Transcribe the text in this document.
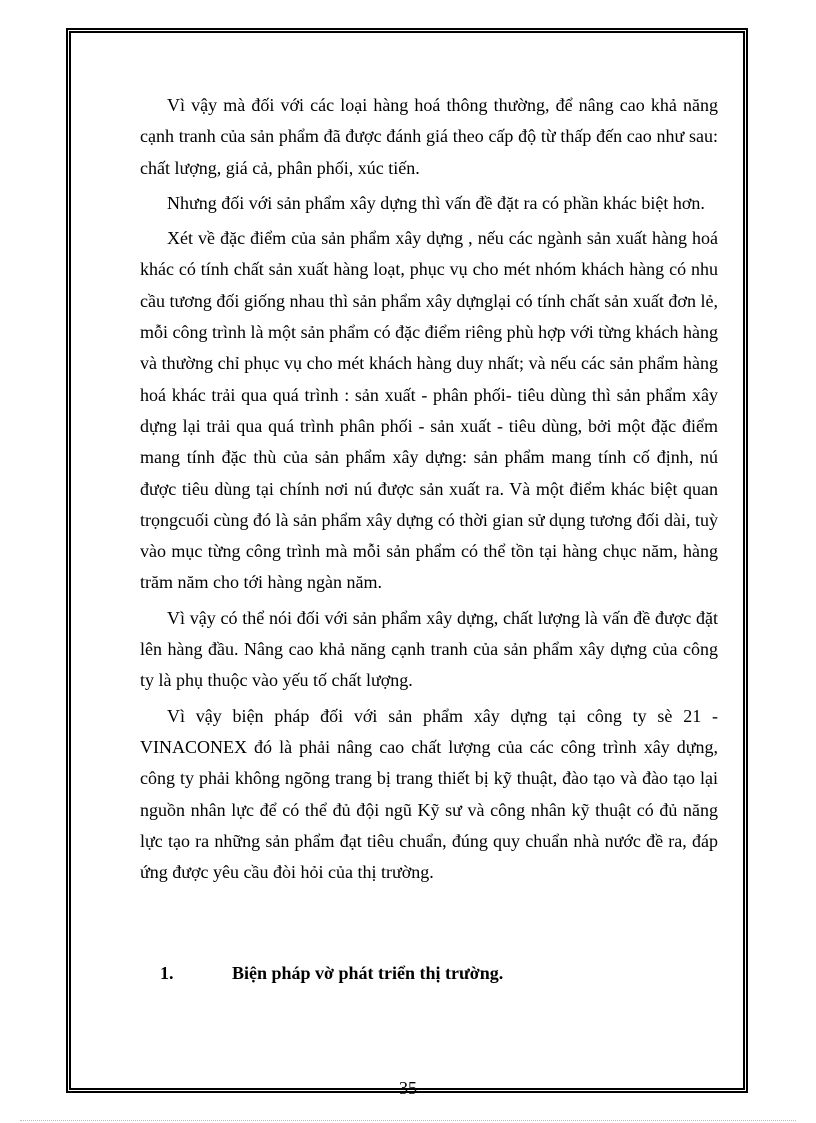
Vì vậy mà đối với các loại hàng hoá thông thường, để nâng cao khả năng cạnh tranh của sản phẩm đã được đánh giá theo cấp độ từ thấp đến cao như sau: chất lượng, giá cả, phân phối, xúc tiến.

Nhưng đối với sản phẩm xây dựng thì vấn đề đặt ra có phần khác biệt hơn.

Xét về đặc điểm của sản phẩm xây dựng , nếu các ngành sản xuất hàng hoá khác có tính chất sản xuất hàng loạt, phục vụ cho mét nhóm khách hàng có nhu cầu tương đối giống nhau thì sản phẩm xây dựnglại có tính chất sản xuất đơn lẻ, mỗi công trình là một sản phẩm có đặc điểm riêng phù hợp với từng khách hàng và thường chỉ phục vụ cho mét khách hàng duy nhất; và nếu các sản phẩm hàng hoá khác trải qua quá trình : sản xuất - phân phối- tiêu dùng thì sản phẩm xây dựng lại trải qua quá trình phân phối - sản xuất - tiêu dùng, bởi một đặc điểm mang tính đặc thù của sản phẩm xây dựng: sản phẩm mang tính cố định, nú được tiêu dùng tại chính nơi nú được sản xuất ra. Và một điểm khác biệt quan trọngcuối cùng đó là sản phẩm xây dựng có thời gian sử dụng tương đối dài, tuỳ vào mục từng công trình mà mỗi sản phẩm có thể tồn tại hàng chục năm, hàng trăm năm cho tới hàng ngàn năm.

Vì vậy có thể nói đối với sản phẩm xây dựng, chất lượng là vấn đề được đặt lên hàng đầu. Nâng cao khả năng cạnh tranh của sản phẩm xây dựng của công ty là phụ thuộc vào yếu tố chất lượng.

Vì vậy biện pháp đối với sản phẩm xây dựng tại công ty sè 21 - VINACONEX đó là phải nâng cao chất lượng của các công trình xây dựng, công ty phải không ngõng trang bị trang thiết bị kỹ thuật, đào tạo và đào tạo lại nguồn nhân lực để có thể đủ đội ngũ Kỹ sư và công nhân kỹ thuật có đủ năng lực tạo ra những sản phẩm đạt tiêu chuẩn, đúng quy chuẩn nhà nước đề ra, đáp ứng được yêu cầu đòi hỏi của thị trường.

1.	Biện pháp vờ phát triển thị trường.
35
